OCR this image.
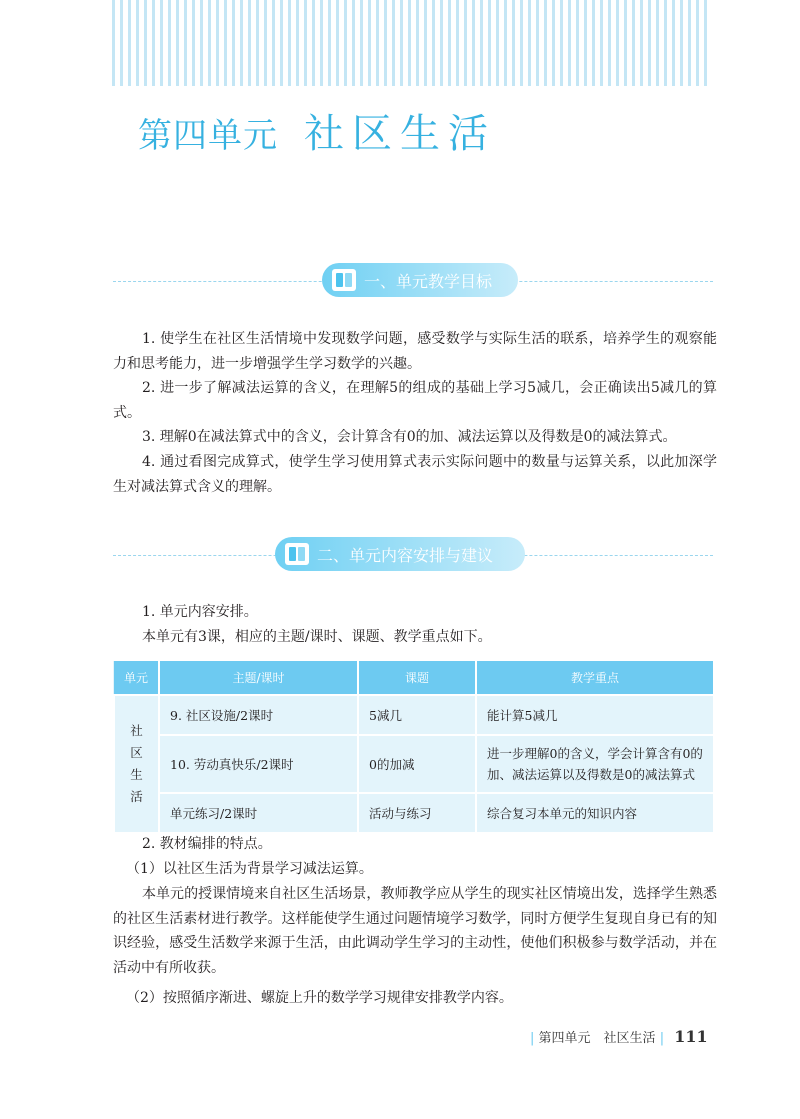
第四单元 社区生活
一、单元教学目标
1. 使学生在社区生活情境中发现数学问题，感受数学与实际生活的联系，培养学生的观察能力和思考能力，进一步增强学生学习数学的兴趣。
2. 进一步了解减法运算的含义，在理解5的组成的基础上学习5减几，会正确读出5减几的算式。
3. 理解0在减法算式中的含义，会计算含有0的加、减法运算以及得数是0的减法算式。
4. 通过看图完成算式，使学生学习使用算式表示实际问题中的数量与运算关系，以此加深学生对减法算式含义的理解。
二、单元内容安排与建议
1. 单元内容安排。
本单元有3课，相应的主题/课时、课题、教学重点如下。
单元	主题/课时	课题	教学重点
社区生活	9. 社区设施/2课时	5减几	能计算5减几
	10. 劳动真快乐/2课时	0的加减	进一步理解0的含义，学会计算含有0的加、减法运算以及得数是0的减法算式
	单元练习/2课时	活动与练习	综合复习本单元的知识内容
2. 教材编排的特点。
（1）以社区生活为背景学习减法运算。
本单元的授课情境来自社区生活场景，教师教学应从学生的现实社区情境出发，选择学生熟悉的社区生活素材进行教学。这样能使学生通过问题情境学习数学，同时方便学生复现自身已有的知识经验，感受生活数学来源于生活，由此调动学生学习的主动性，使他们积极参与数学活动，并在活动中有所收获。
（2）按照循序渐进、螺旋上升的数学学习规律安排教学内容。
| 第四单元　社区生活 | 111
